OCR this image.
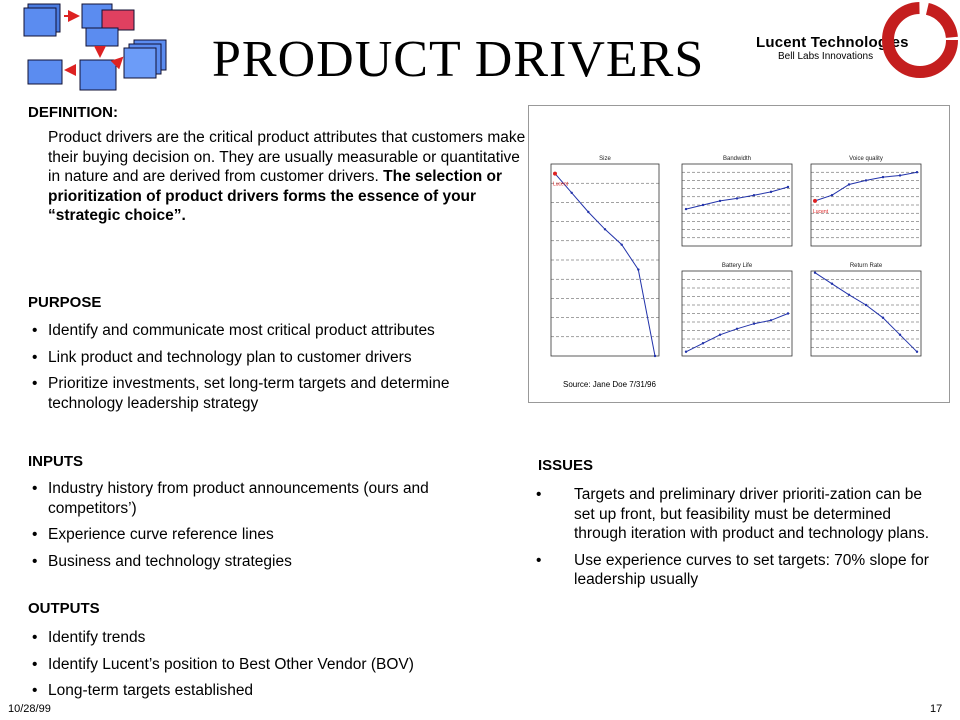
PRODUCT DRIVERS	Lucent Technologies
Bell Labs Innovations
DEFINITION:
Product drivers are the critical product attributes that customers make their buying decision on. They are usually measurable or quantitative in nature and are derived from customer drivers. The selection or prioritization of product drivers forms the essence of your “strategic choice”.
PURPOSE
• Identify and communicate most critical product attributes
• Link product and technology plan to customer drivers
• Prioritize investments, set long-term targets and determine technology leadership strategy
INPUTS
• Industry history from product announcements (ours and competitors’)
• Experience curve reference lines
• Business and technology strategies
OUTPUTS
• Identify trends
• Identify Lucent’s position to Best Other Vendor (BOV)
• Long-term targets established
ISSUES
• Targets and preliminary driver prioriti-zation can be set up front, but feasibility must be determined through iteration with product and technology plans.
• Use experience curves to set targets: 70% slope for leadership usually
Size
Lucent
Bandwidth	Voice quality
Lucent
Battery Life	Return Rate
Source: Jane Doe 7/31/96
10/28/99	17
